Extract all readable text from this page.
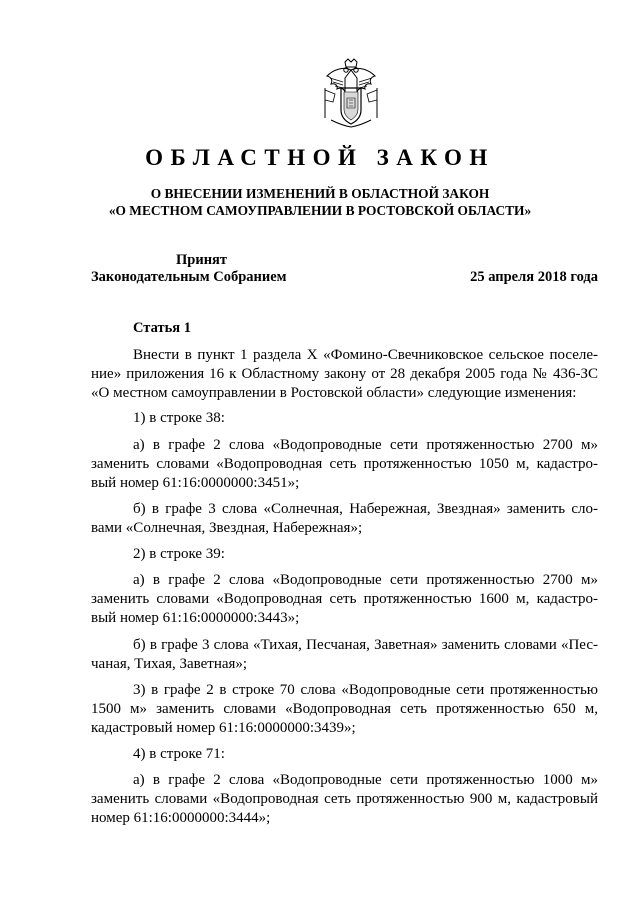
ОБЛАСТНОЙ ЗАКОН
О ВНЕСЕНИИ ИЗМЕНЕНИЙ В ОБЛАСТНОЙ ЗАКОН
«О МЕСТНОМ САМОУПРАВЛЕНИИ В РОСТОВСКОЙ ОБЛАСТИ»
Принят
Законодательным Собранием	25 апреля 2018 года
Статья 1
Внести в пункт 1 раздела X «Фомино-Свечниковское сельское поселе-
ние» приложения 16 к Областному закону от 28 декабря 2005 года № 436-ЗС
«О местном самоуправлении в Ростовской области» следующие изменения:
1) в строке 38:
а) в графе 2 слова «Водопроводные сети протяженностью 2700 м»
заменить словами «Водопроводная сеть протяженностью 1050 м, кадастро-
вый номер 61:16:0000000:3451»;
б) в графе 3 слова «Солнечная, Набережная, Звездная» заменить сло-
вами «Солнечная, Звездная, Набережная»;
2) в строке 39:
а) в графе 2 слова «Водопроводные сети протяженностью 2700 м»
заменить словами «Водопроводная сеть протяженностью 1600 м, кадастро-
вый номер 61:16:0000000:3443»;
б) в графе 3 слова «Тихая, Песчаная, Заветная» заменить словами «Пес-
чаная, Тихая, Заветная»;
3) в графе 2 в строке 70 слова «Водопроводные сети протяженностью
1500 м» заменить словами «Водопроводная сеть протяженностью 650 м,
кадастровый номер 61:16:0000000:3439»;
4) в строке 71:
а) в графе 2 слова «Водопроводные сети протяженностью 1000 м»
заменить словами «Водопроводная сеть протяженностью 900 м, кадастровый
номер 61:16:0000000:3444»;
